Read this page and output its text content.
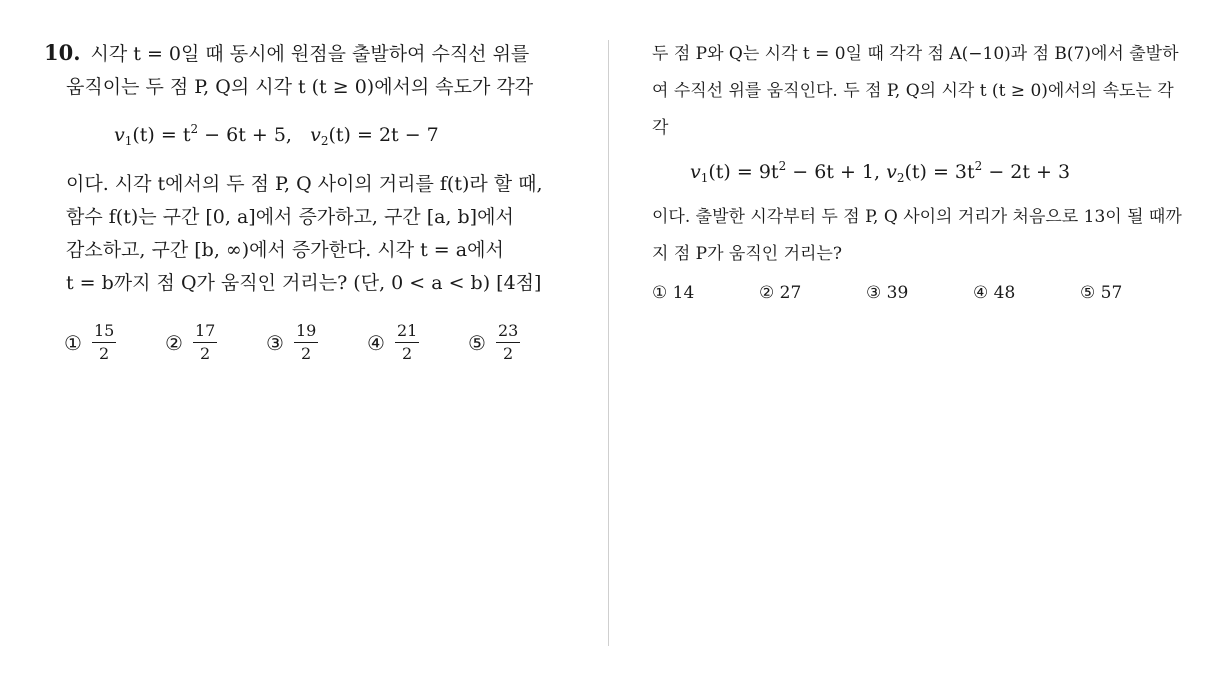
10. 시각 t = 0일 때 동시에 원점을 출발하여 수직선 위를
움직이는 두 점 P, Q의 시각 t (t ≥ 0)에서의 속도가 각각
$v_1(t) = t^2 - 6t + 5$, $v_2(t) = 2t - 7$
이다. 시각 t에서의 두 점 P, Q 사이의 거리를 f(t)라 할 때,
함수 f(t)는 구간 [0, a]에서 증가하고, 구간 [a, b]에서
감소하고, 구간 [b, ∞)에서 증가한다. 시각 t = a에서
t = b까지 점 Q가 움직인 거리는? (단, 0 < a < b) [4점]
① $\frac{15}{2}$ ② $\frac{17}{2}$ ③ $\frac{19}{2}$ ④ $\frac{21}{2}$ ⑤ $\frac{23}{2}$
두 점 P와 Q는 시각 t = 0일 때 각각 점 A(−10)과 점 B(7)에서 출발하
여 수직선 위를 움직인다. 두 점 P, Q의 시각 t (t ≥ 0)에서의 속도는 각
각
$v_1(t) = 9t^2 - 6t + 1$, $v_2(t) = 3t^2 - 2t + 3$
이다. 출발한 시각부터 두 점 P, Q 사이의 거리가 처음으로 13이 될 때까
지 점 P가 움직인 거리는?
① 14	② 27	③ 39	④ 48	⑤ 57
